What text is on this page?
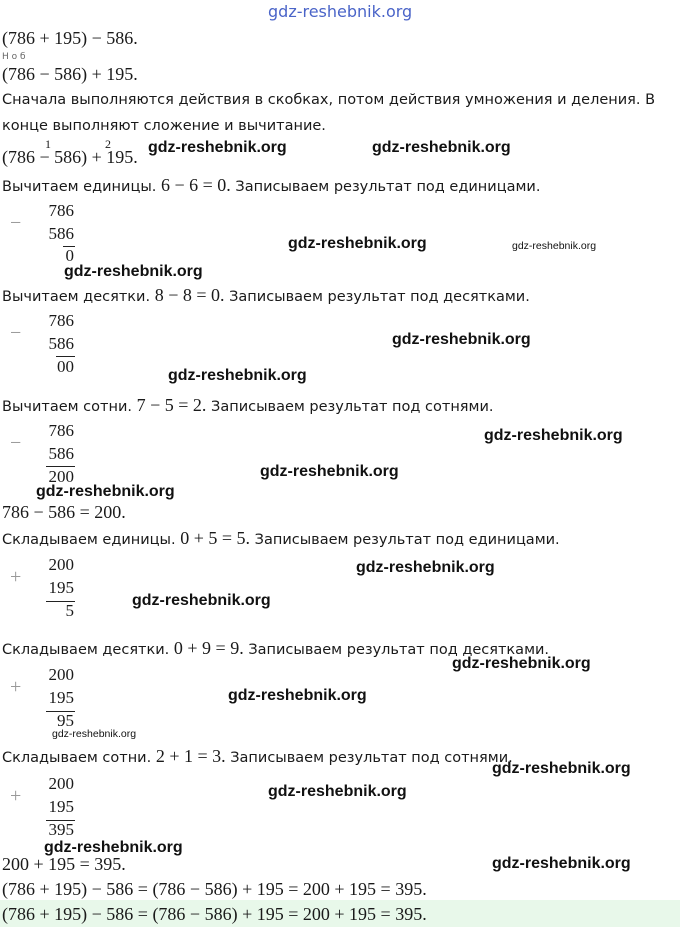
gdz-reshebnik.org
(786 + 195) − 586.
Н о б
(786 − 586) + 195.
Сначала выполняются действия в скобках, потом действия умножения и деления. В
конце выполняют сложение и вычитание.
1	2
(786 − 586) + 195. gdz-reshebnik.org	gdz-reshebnik.org
Вычитаем единицы. 6 − 6 = 0. Записываем результат под единицами.
−
786
586
0
gdz-reshebnik.org	gdz-reshebnik.org
gdz-reshebnik.org
Вычитаем десятки. 8 − 8 = 0. Записываем результат под десятками.
−
786
586
00
gdz-reshebnik.org
gdz-reshebnik.org
Вычитаем сотни. 7 − 5 = 2. Записываем результат под сотнями.
−
786
586
200
gdz-reshebnik.org
gdz-reshebnik.org
gdz-reshebnik.org
786 − 586 = 200.
Складываем единицы. 0 + 5 = 5. Записываем результат под единицами.
+
200
195
5
gdz-reshebnik.org
gdz-reshebnik.org
Складываем десятки. 0 + 9 = 9. Записываем результат под десятками.
gdz-reshebnik.org
+
200
195
95
gdz-reshebnik.org
gdz-reshebnik.org
Складываем сотни. 2 + 1 = 3. Записываем результат под сотнями.
gdz-reshebnik.org
+
200
195
395
gdz-reshebnik.org
gdz-reshebnik.org
200 + 195 = 395.	gdz-reshebnik.org
(786 + 195) − 586 = (786 − 586) + 195 = 200 + 195 = 395.
(786 + 195) − 586 = (786 − 586) + 195 = 200 + 195 = 395.
